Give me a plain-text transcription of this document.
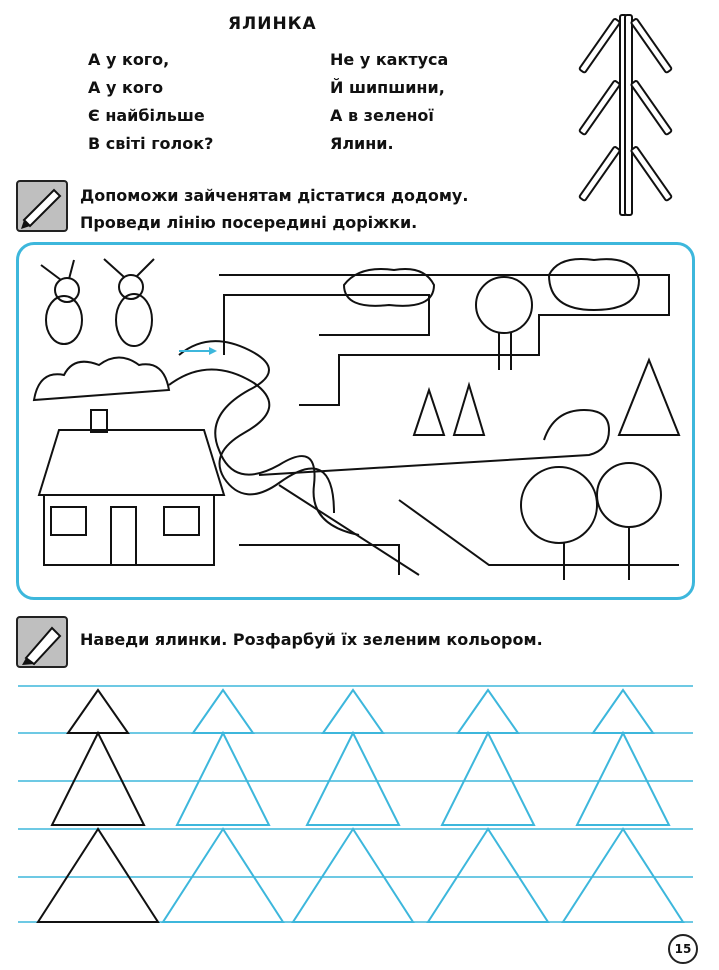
ЯЛИНКА
А у кого,
А у кого
Є найбільше
В світі голок?
Не у кактуса
Й шипшини,
А в зеленої
Ялини.
Допоможи зайченятам дістатися додому.
Проведи лінію посередині доріжки.
Наведи ялинки. Розфарбуй їх зеленим кольором.
15
